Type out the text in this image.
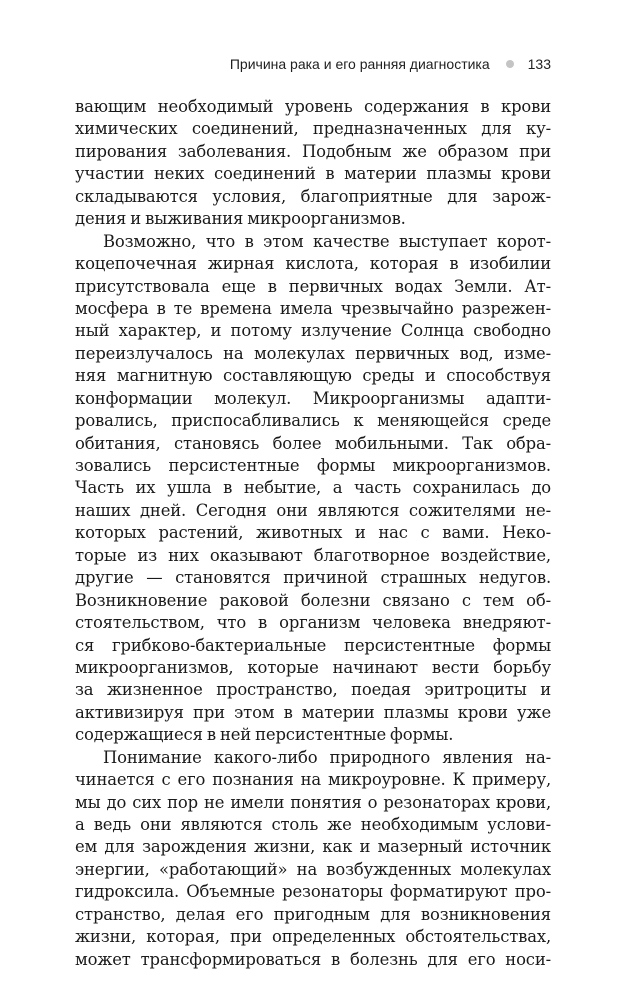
Причина рака и его ранняя диагностика	133
вающим необходимый уровень содержания в крови
химических соединений, предназначенных для ку-
пирования заболевания. Подобным же образом при
участии неких соединений в материи плазмы крови
складываются условия, благоприятные для зарож-
дения и выживания микроорганизмов.
Возможно, что в этом качестве выступает корот-
коцепочечная жирная кислота, которая в изобилии
присутствовала еще в первичных водах Земли. Ат-
мосфера в те времена имела чрезвычайно разрежен-
ный характер, и потому излучение Солнца свободно
переизлучалось на молекулах первичных вод, изме-
няя магнитную составляющую среды и способствуя
конформации молекул. Микроорганизмы адапти-
ровались, приспосабливались к меняющейся среде
обитания, становясь более мобильными. Так обра-
зовались персистентные формы микроорганизмов.
Часть их ушла в небытие, а часть сохранилась до
наших дней. Сегодня они являются сожителями не-
которых растений, животных и нас с вами. Неко-
торые из них оказывают благотворное воздействие,
другие — становятся причиной страшных недугов.
Возникновение раковой болезни связано с тем об-
стоятельством, что в организм человека внедряют-
ся грибково-бактериальные персистентные формы
микроорганизмов, которые начинают вести борьбу
за жизненное пространство, поедая эритроциты и
активизируя при этом в материи плазмы крови уже
содержащиеся в ней персистентные формы.
Понимание какого-либо природного явления на-
чинается с его познания на микроуровне. К примеру,
мы до сих пор не имели понятия о резонаторах крови,
а ведь они являются столь же необходимым услови-
ем для зарождения жизни, как и мазерный источник
энергии, «работающий» на возбужденных молекулах
гидроксила. Объемные резонаторы форматируют про-
странство, делая его пригодным для возникновения
жизни, которая, при определенных обстоятельствах,
может трансформироваться в болезнь для его носи-
